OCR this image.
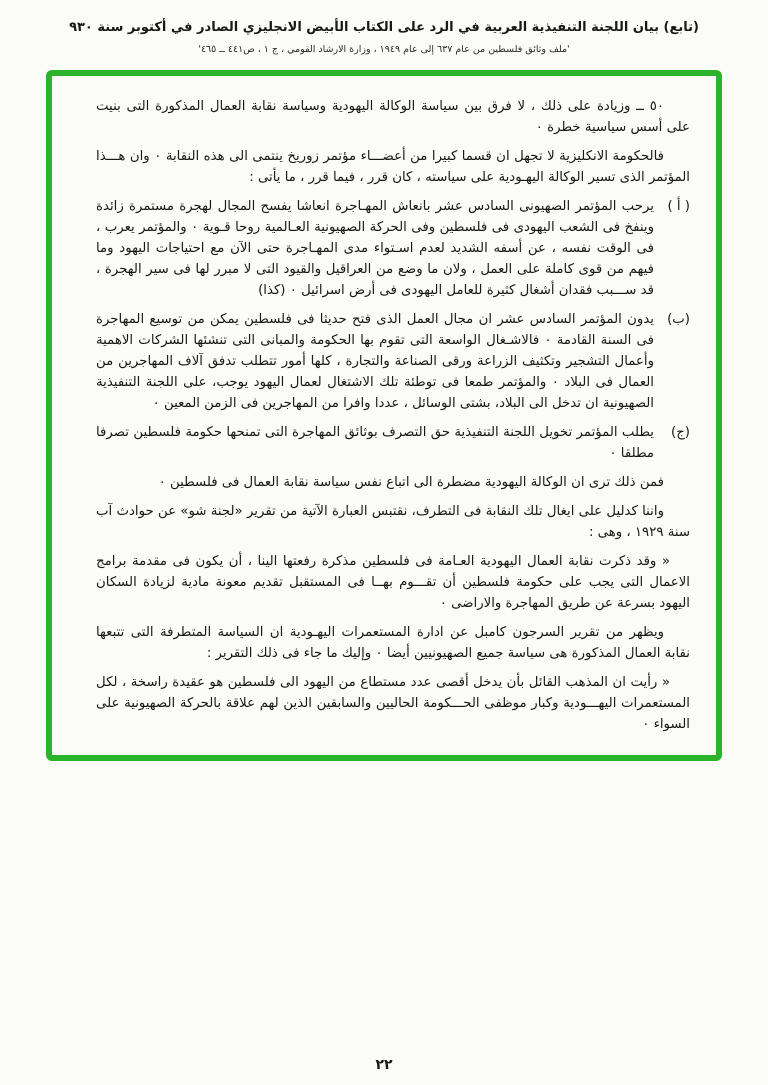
(تابع) بيان اللجنة التنفيذية العربية في الرد على الكتاب الأبيض الانجليزي الصادر في أكتوبر سنة ٩٣٠
'ملف وثائق فلسطين من عام ٦٣٧ إلى عام ١٩٤٩ ، وزارة الارشاد القومي ، ج ١ ، ص٤٤١ ــ ٤٦٥'

٥٠ ــ وزيادة على ذلك ، لا فرق بين سياسة الوكالة اليهودية وسياسة نقابة العمال المذكورة التى بنيت على أسس سياسية خطرة ٠

فالحكومة الانكليزية لا تجهل ان قسما كبيرا من أعضـــاء مؤتمر زوريخ ينتمى الى هذه النقابة ٠ وان هـــذا المؤتمر الذى تسير الوكالة اليهـودية على سياسته ، كان قرر ، فيما قرر ، ما يأتى :

( أ )

يرحب المؤتمر الصهيونى السادس عشر بانعاش المهـاجرة انعاشا يفسح المجال لهجرة مستمرة زائدة وينفخ فى الشعب اليهودى فى فلسطين وفى الحركة الصهيونية العـالمية روحا قـوية ٠ والمؤتمر يعرب ، فى الوقت نفسه ، عن أسفه الشديد لعدم اسـتواء مدى المهـاجرة حتى الآن مع احتياجات اليهود وما فيهم من قوى كاملة على العمل ، ولان ما وضع من العراقيل والقيود التى لا مبرر لها فى سير الهجرة ، قد ســـبب فقدان أشغال كثيرة للعامل اليهودى فى أرض اسرائيل ٠ (كذا)

(ب)

يدون المؤتمر السادس عشر ان مجال العمل الذى فتح حديثا فى فلسطين يمكن من توسيع المهاجرة فى السنة القادمة ٠ فالاشـغال الواسعة التى تقوم بها الحكومة والمبانى التى تنشئها الشركات الاهمية وأعمال التشجير وتكثيف الزراعة ورقى الصناعة والتجارة ، كلها أمور تتطلب تدفق آلاف المهاجرين من العمال فى البلاد ٠ والمؤتمر طمعا فى توطئة تلك الاشتغال لعمال اليهود يوجب، على اللجنة التنفيذية الصهيونية ان تدخل الى البلاد، بشتى الوسائل ، عددا وافرا من المهاجرين فى الزمن المعين ٠

(ج)

يطلب المؤتمر تخويل اللجنة التنفيذية حق التصرف بوثائق المهاجرة التى تمنحها حكومة فلسطين تصرفا مطلقا ٠

فمن ذلك ترى ان الوكالة اليهودية مضطرة الى اتباع نفس سياسة نقابة العمال فى فلسطين ٠

واننا كدليل على ايغال تلك النقابة فى التطرف، نقتبس العبارة الآتية من تقرير «لجنة شو» عن حوادث آب سنة ١٩٢٩ ، وهى :

« وقد ذكرت نقابة العمال اليهودية العـامة فى فلسطين مذكرة رفعتها الينا ، أن يكون فى مقدمة برامج الاعمال التى يجب على حكومة فلسطين أن تقـــوم بهــا فى المستقبل تقديم معونة مادية لزيادة السكان اليهود بسرعة عن طريق المهاجرة والاراضى ٠

ويظهر من تقرير السرجون كامبل عن ادارة المستعمرات اليهـودية ان السياسة المتطرفة التى تتبعها نقابة العمال المذكورة هى سياسة جميع الصهيونيين أيضا ٠ وإليك ما جاء فى ذلك التقرير :

« رأيت ان المذهب القائل بأن يدخل أقصى عدد مستطاع من اليهود الى فلسطين هو عقيدة راسخة ، لكل المستعمرات اليهـــودية وكبار موظفى الحـــكومة الحاليين والسابقين الذين لهم علاقة بالحركة الصهيونية على السواء ٠

٢٢
